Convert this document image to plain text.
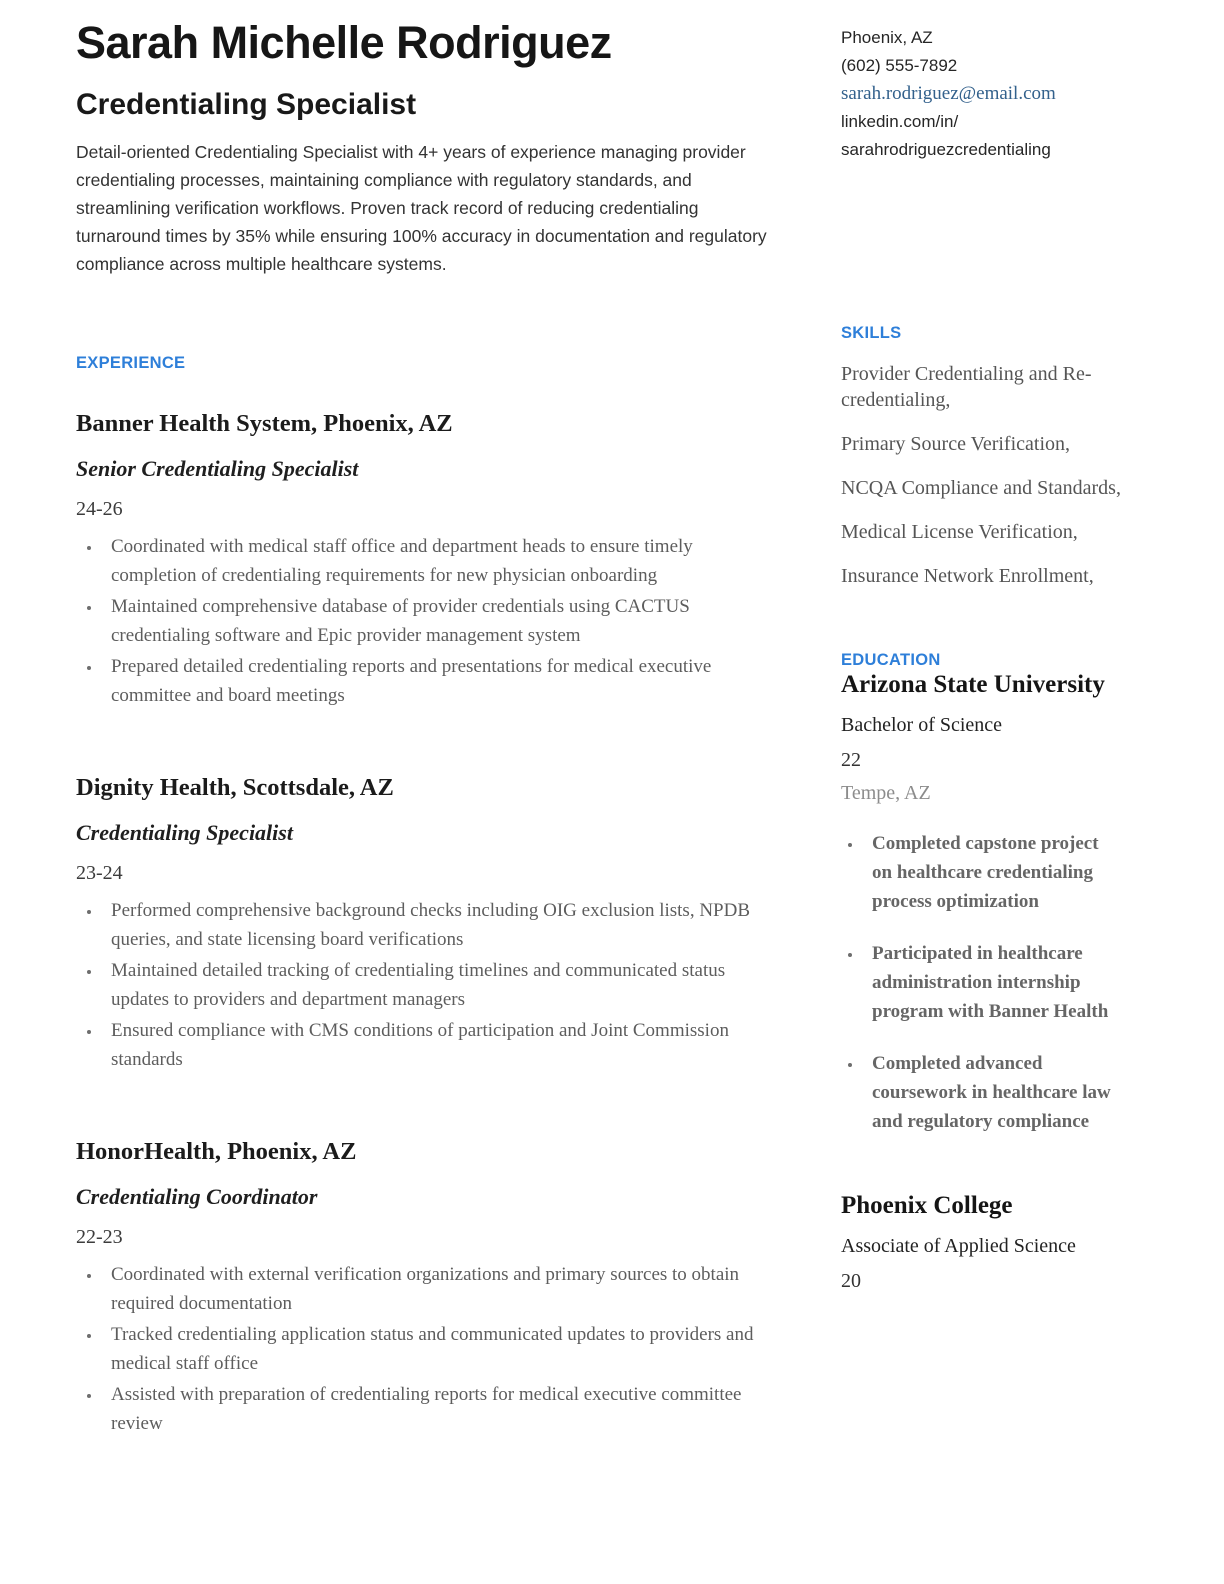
Sarah Michelle Rodriguez
Credentialing Specialist

Detail-oriented Credentialing Specialist with 4+ years of experience managing provider credentialing processes, maintaining compliance with regulatory standards, and streamlining verification workflows. Proven track record of reducing credentialing turnaround times by 35% while ensuring 100% accuracy in documentation and regulatory compliance across multiple healthcare systems.

EXPERIENCE
Banner Health System, Phoenix, AZ
Senior Credentialing Specialist
24-26
• Coordinated with medical staff office and department heads to ensure timely completion of credentialing requirements for new physician onboarding
• Maintained comprehensive database of provider credentials using CACTUS credentialing software and Epic provider management system
• Prepared detailed credentialing reports and presentations for medical executive committee and board meetings
Dignity Health, Scottsdale, AZ
Credentialing Specialist
23-24
• Performed comprehensive background checks including OIG exclusion lists, NPDB queries, and state licensing board verifications
• Maintained detailed tracking of credentialing timelines and communicated status updates to providers and department managers
• Ensured compliance with CMS conditions of participation and Joint Commission standards
HonorHealth, Phoenix, AZ
Credentialing Coordinator
22-23
• Coordinated with external verification organizations and primary sources to obtain required documentation
• Tracked credentialing application status and communicated updates to providers and medical staff office
• Assisted with preparation of credentialing reports for medical executive committee review
Phoenix, AZ
(602) 555-7892
sarah.rodriguez@email.com
linkedin.com/in/
sarahrodriguezcredentialing
SKILLS
Provider Credentialing and Re-credentialing,
Primary Source Verification,
NCQA Compliance and Standards,
Medical License Verification,
Insurance Network Enrollment,
EDUCATION
Arizona State University
Bachelor of Science
22
Tempe, AZ
• Completed capstone project on healthcare credentialing process optimization
• Participated in healthcare administration internship program with Banner Health
• Completed advanced coursework in healthcare law and regulatory compliance
Phoenix College
Associate of Applied Science
20
